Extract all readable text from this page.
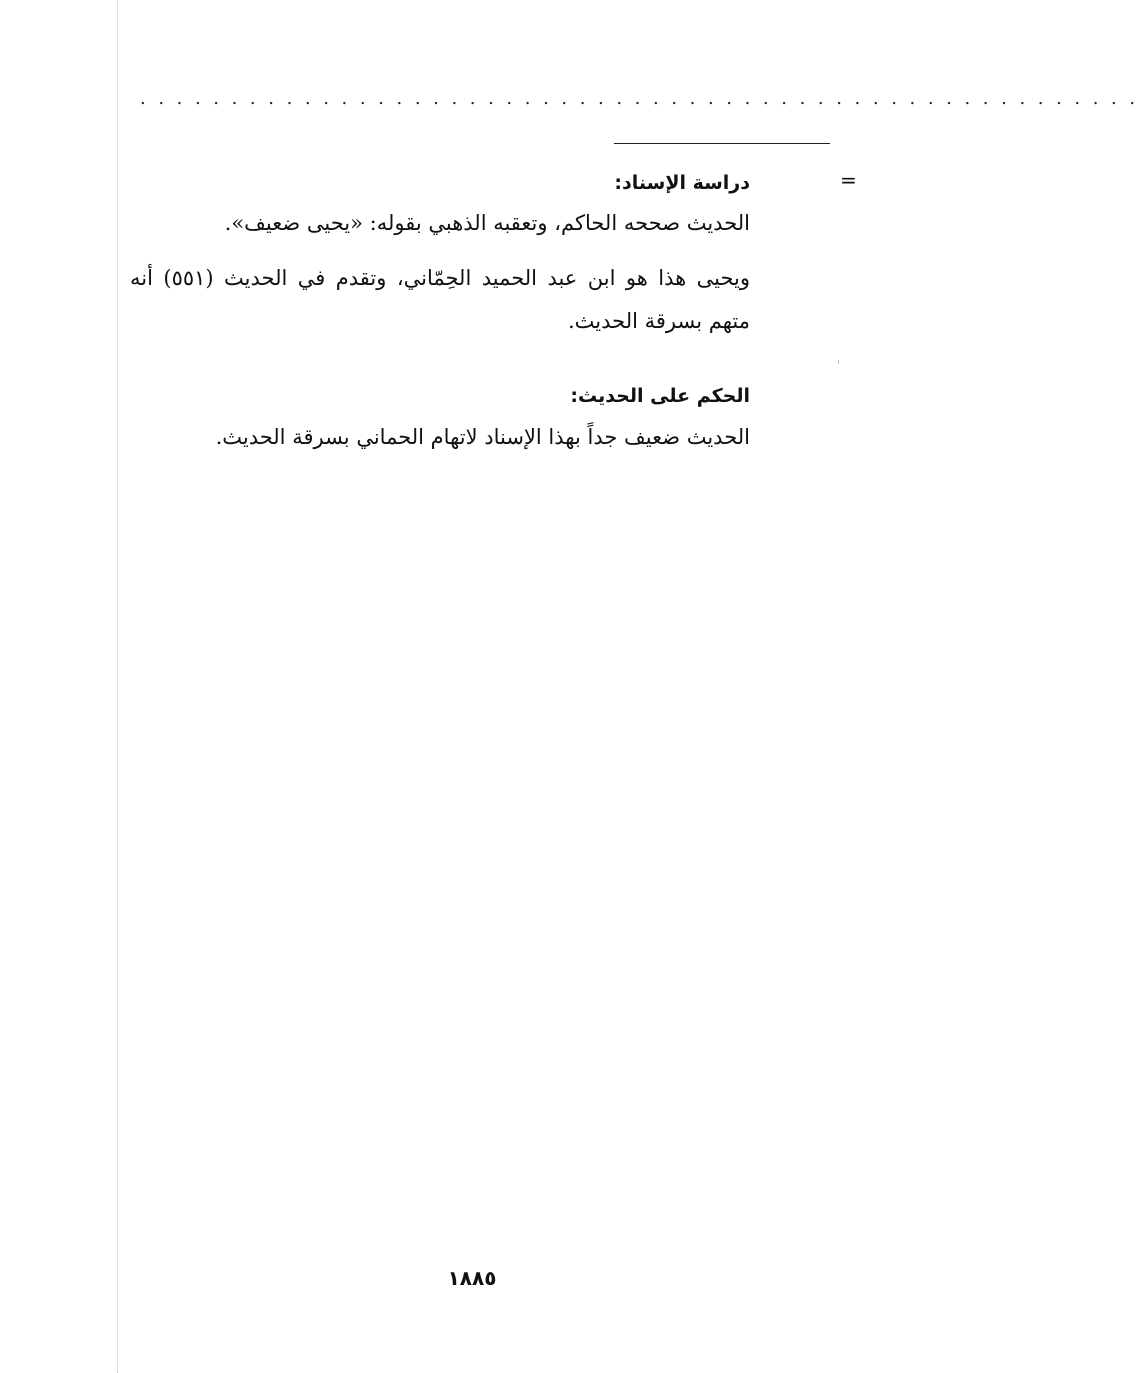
.......................................................
=
دراسة الإسناد:
الحديث صححه الحاكم، وتعقبه الذهبي بقوله: «يحيى ضعيف».
ويحيى هذا هو ابن عبد الحميد الحِمّاني، وتقدم في الحديث (٥٥١) أنه
متهم بسرقة الحديث.
الحكم على الحديث:
الحديث ضعيف جداً بهذا الإسناد لاتهام الحماني بسرقة الحديث.
١٨٨٥
